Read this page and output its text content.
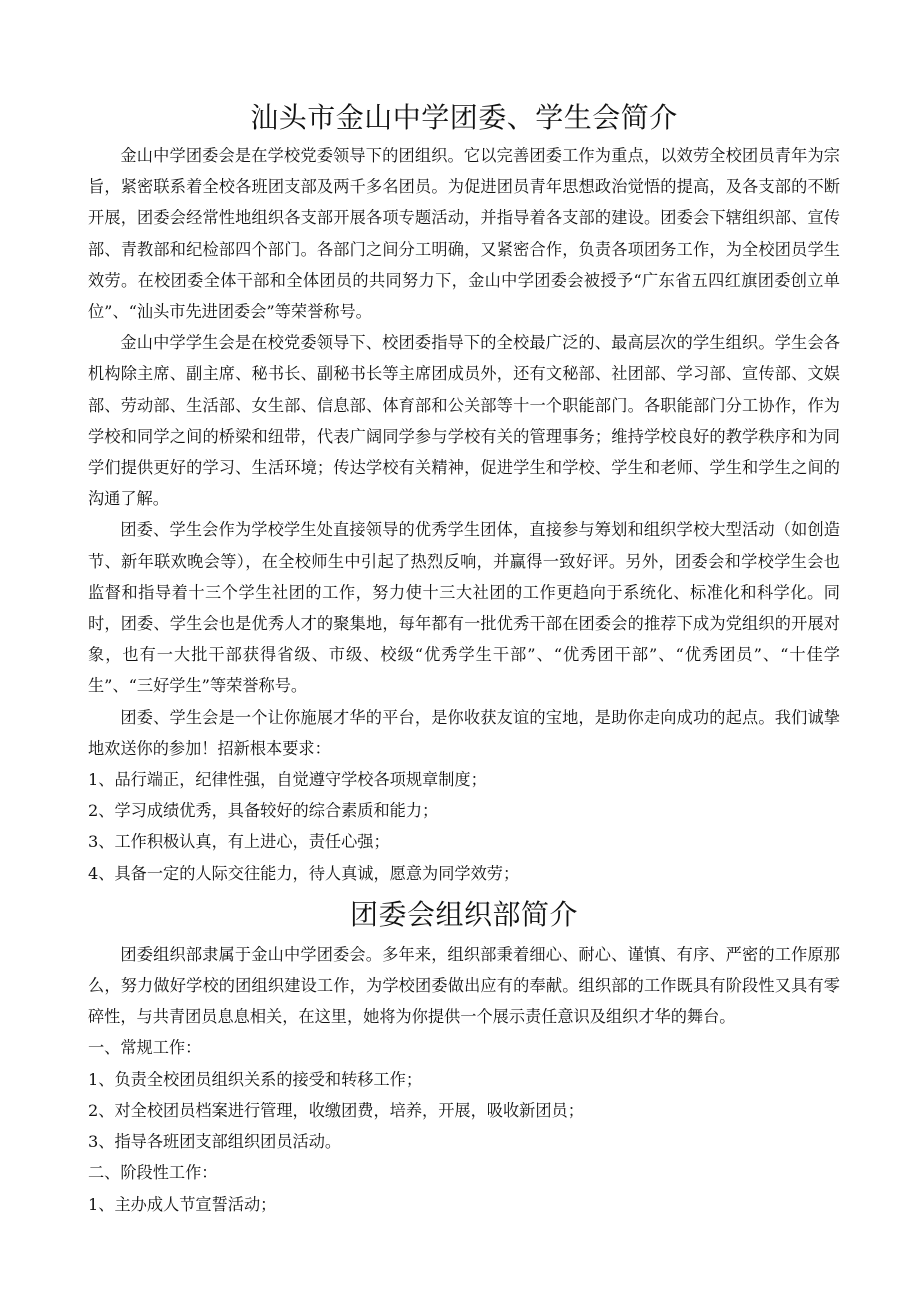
汕头市金山中学团委、学生会简介

金山中学团委会是在学校党委领导下的团组织。它以完善团委工作为重点，以效劳全校团员青年为宗旨，紧密联系着全校各班团支部及两千多名团员。为促进团员青年思想政治觉悟的提高，及各支部的不断开展，团委会经常性地组织各支部开展各项专题活动，并指导着各支部的建设。团委会下辖组织部、宣传部、青教部和纪检部四个部门。各部门之间分工明确，又紧密合作，负责各项团务工作，为全校团员学生效劳。在校团委全体干部和全体团员的共同努力下，金山中学团委会被授予“广东省五四红旗团委创立单位”、“汕头市先进团委会”等荣誉称号。

金山中学学生会是在校党委领导下、校团委指导下的全校最广泛的、最高层次的学生组织。学生会各机构除主席、副主席、秘书长、副秘书长等主席团成员外，还有文秘部、社团部、学习部、宣传部、文娱部、劳动部、生活部、女生部、信息部、体育部和公关部等十一个职能部门。各职能部门分工协作，作为学校和同学之间的桥梁和纽带，代表广阔同学参与学校有关的管理事务；维持学校良好的教学秩序和为同学们提供更好的学习、生活环境；传达学校有关精神，促进学生和学校、学生和老师、学生和学生之间的沟通了解。

团委、学生会作为学校学生处直接领导的优秀学生团体，直接参与筹划和组织学校大型活动（如创造节、新年联欢晚会等），在全校师生中引起了热烈反响，并赢得一致好评。另外，团委会和学校学生会也监督和指导着十三个学生社团的工作，努力使十三大社团的工作更趋向于系统化、标准化和科学化。同时，团委、学生会也是优秀人才的聚集地，每年都有一批优秀干部在团委会的推荐下成为党组织的开展对象，也有一大批干部获得省级、市级、校级“优秀学生干部”、“优秀团干部”、“优秀团员”、“十佳学生”、“三好学生”等荣誉称号。

团委、学生会是一个让你施展才华的平台，是你收获友谊的宝地，是助你走向成功的起点。我们诚挚地欢送你的参加！招新根本要求：

1、品行端正，纪律性强，自觉遵守学校各项规章制度；

2、学习成绩优秀，具备较好的综合素质和能力；

3、工作积极认真，有上进心，责任心强；

4、具备一定的人际交往能力，待人真诚，愿意为同学效劳；

团委会组织部简介

团委组织部隶属于金山中学团委会。多年来，组织部秉着细心、耐心、谨慎、有序、严密的工作原那么，努力做好学校的团组织建设工作，为学校团委做出应有的奉献。组织部的工作既具有阶段性又具有零碎性，与共青团员息息相关，在这里，她将为你提供一个展示责任意识及组织才华的舞台。

一、常规工作：

1、负责全校团员组织关系的接受和转移工作；

2、对全校团员档案进行管理，收缴团费，培养，开展，吸收新团员；

3、指导各班团支部组织团员活动。

二、阶段性工作：

1、主办成人节宣誓活动；
